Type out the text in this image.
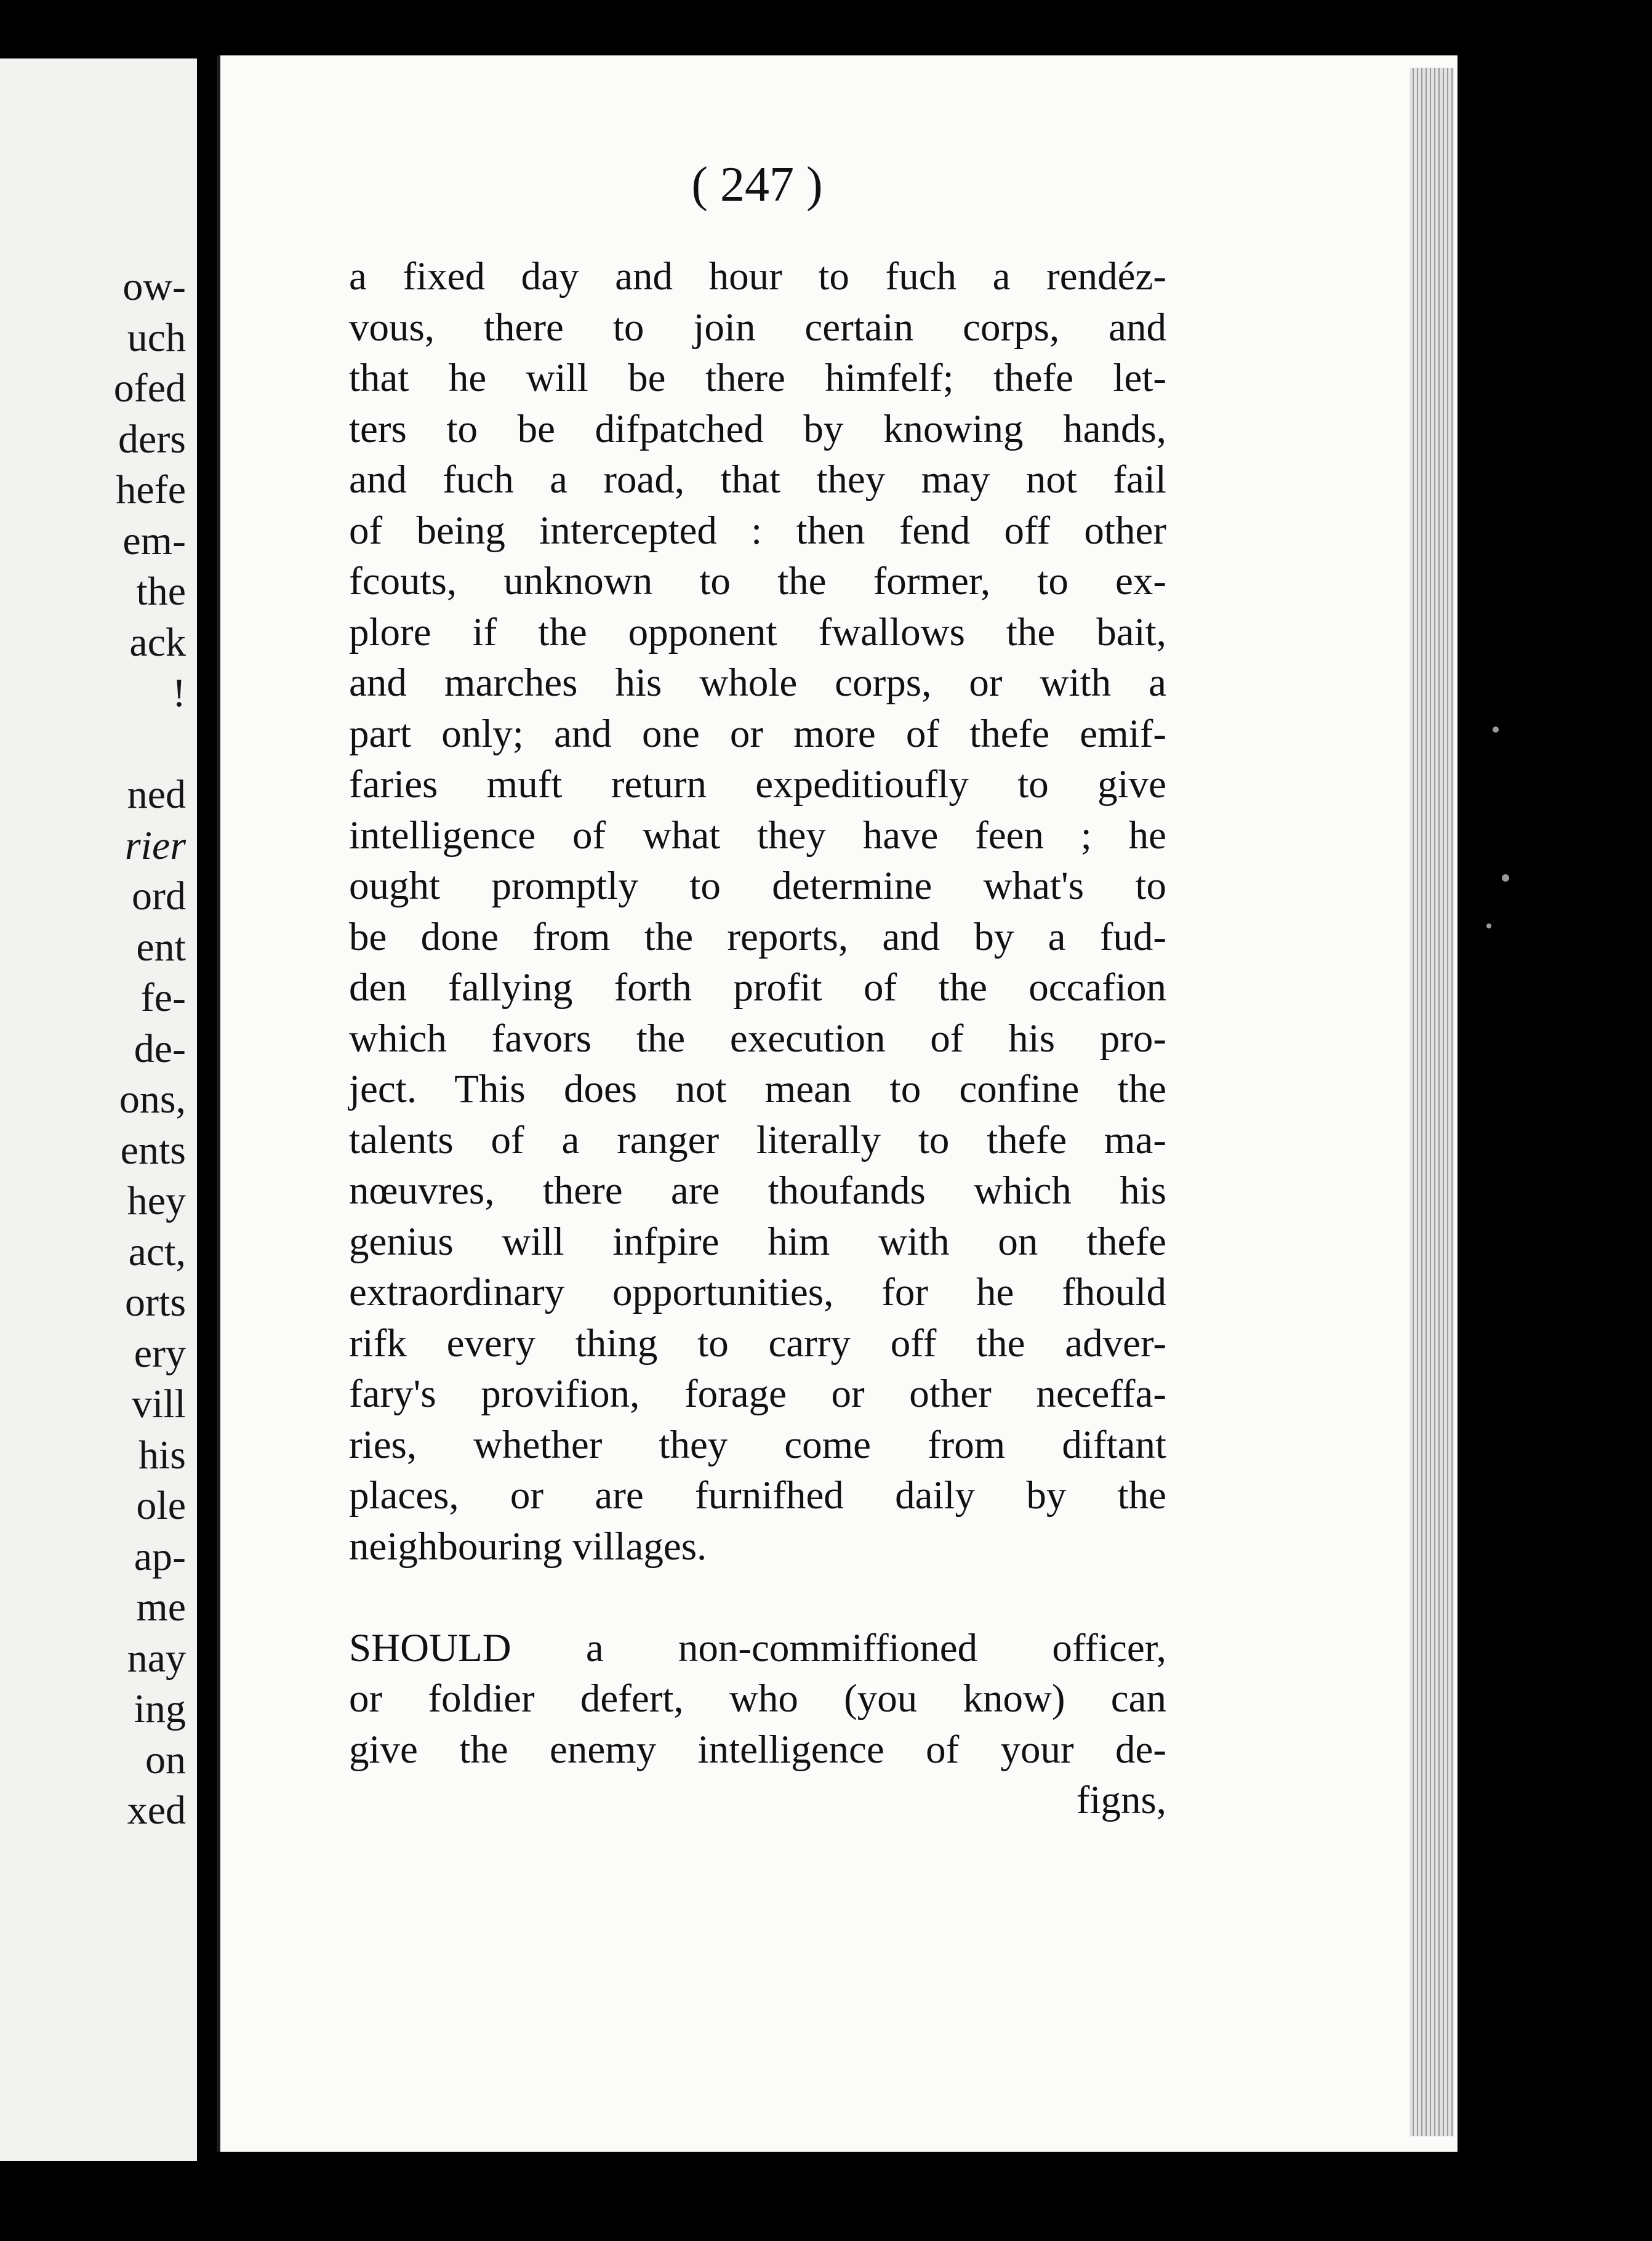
ow-
uch
ofed
ders
hefe
em-
the
ack
!
ned
rier
ord
ent
fe-
de-
ons,
ents
hey
act,
orts
ery
vill
his
ole
ap-
me
nay
ing
on
xed
( 247 )
a fixed day and hour to fuch a rendéz-
vous, there to join certain corps, and
that he will be there himfelf; thefe let-
ters to be difpatched by knowing hands,
and fuch a road, that they may not fail
of being intercepted : then fend off other
fcouts, unknown to the former, to ex-
plore if the opponent fwallows the bait,
and marches his whole corps, or with a
part only; and one or more of thefe emif-
faries muft return expeditioufly to give
intelligence of what they have feen ; he
ought promptly to determine what's to
be done from the reports, and by a fud-
den fallying forth profit of the occafion
which favors the execution of his pro-
ject. This does not mean to confine the
talents of a ranger literally to thefe ma-
nœuvres, there are thoufands which his
genius will infpire him with on thefe
extraordinary opportunities, for he fhould
rifk every thing to carry off the adver-
fary's provifion, forage or other neceffa-
ries, whether they come from diftant
places, or are furnifhed daily by the
neighbouring villages.
SHOULD a non-commiffioned officer,
or foldier defert, who (you know) can
give the enemy intelligence of your de-
figns,
